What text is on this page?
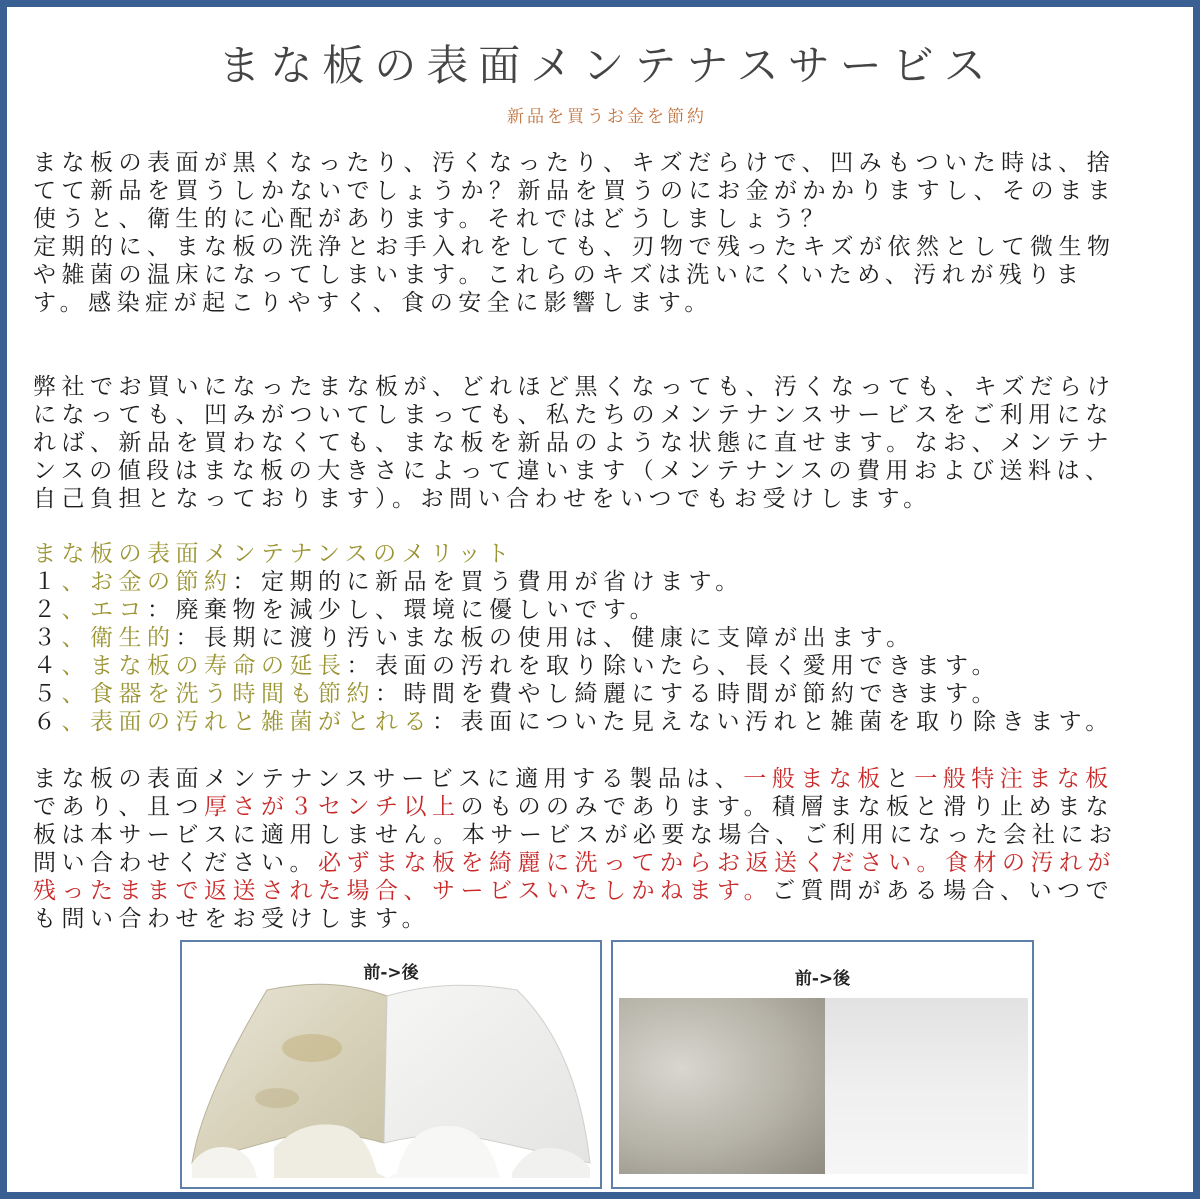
まな板の表面メンテナスサービス
新品を買うお金を節約
まな板の表面が黒くなったり、汚くなったり、キズだらけで、凹みもついた時は、捨
てて新品を買うしかないでしょうか？新品を買うのにお金がかかりますし、そのまま
使うと、衛生的に心配があります。それではどうしましょう？
定期的に、まな板の洗浄とお手入れをしても、刃物で残ったキズが依然として微生物
や雑菌の温床になってしまいます。これらのキズは洗いにくいため、汚れが残りま
す。感染症が起こりやすく、食の安全に影響します。
弊社でお買いになったまな板が、どれほど黒くなっても、汚くなっても、キズだらけ
になっても、凹みがついてしまっても、私たちのメンテナンスサービスをご利用にな
れば、新品を買わなくても、まな板を新品のような状態に直せます。なお、メンテナ
ンスの値段はまな板の大きさによって違います（メンテナンスの費用および送料は、
自己負担となっております）。お問い合わせをいつでもお受けします。
まな板の表面メンテナンスのメリット
１、お金の節約：定期的に新品を買う費用が省けます。
２、エコ：廃棄物を減少し、環境に優しいです。
３、衛生的：長期に渡り汚いまな板の使用は、健康に支障が出ます。
４、まな板の寿命の延長：表面の汚れを取り除いたら、長く愛用できます。
５、食器を洗う時間も節約：時間を費やし綺麗にする時間が節約できます。
６、表面の汚れと雑菌がとれる：表面についた見えない汚れと雑菌を取り除きます。
まな板の表面メンテナンスサービスに適用する製品は、一般まな板と一般特注まな板
であり、且つ厚さが３センチ以上のもののみであります。積層まな板と滑り止めまな
板は本サービスに適用しません。本サービスが必要な場合、ご利用になった会社にお
問い合わせください。必ずまな板を綺麗に洗ってからお返送ください。食材の汚れが
残ったままで返送された場合、サービスいたしかねます。ご質問がある場合、いつで
も問い合わせをお受けします。
前->後	前->後
